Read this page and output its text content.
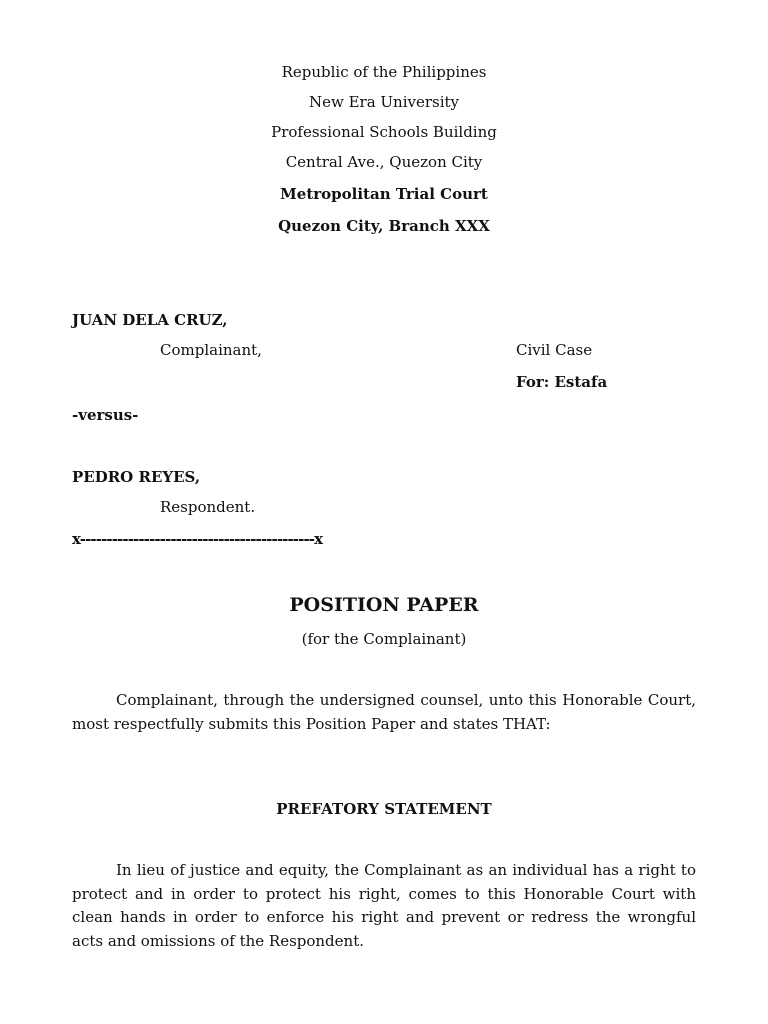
Republic of the Philippines
New Era University
Professional Schools Building
Central Ave., Quezon City
Metropolitan Trial Court
Quezon City, Branch XXX
JUAN DELA CRUZ,
Complainant,	Civil Case
For: Estafa
-versus-
PEDRO REYES,
Respondent.
x--------------------------------------------x
POSITION PAPER
(for the Complainant)
Complainant, through the undersigned counsel, unto this Honorable Court, most respectfully submits this Position Paper and states THAT:
PREFATORY STATEMENT
In lieu of justice and equity, the Complainant as an individual has a right to protect and in order to protect his right, comes to this Honorable Court with clean hands in order to enforce his right and prevent or redress the wrongful acts and omissions of the Respondent.
